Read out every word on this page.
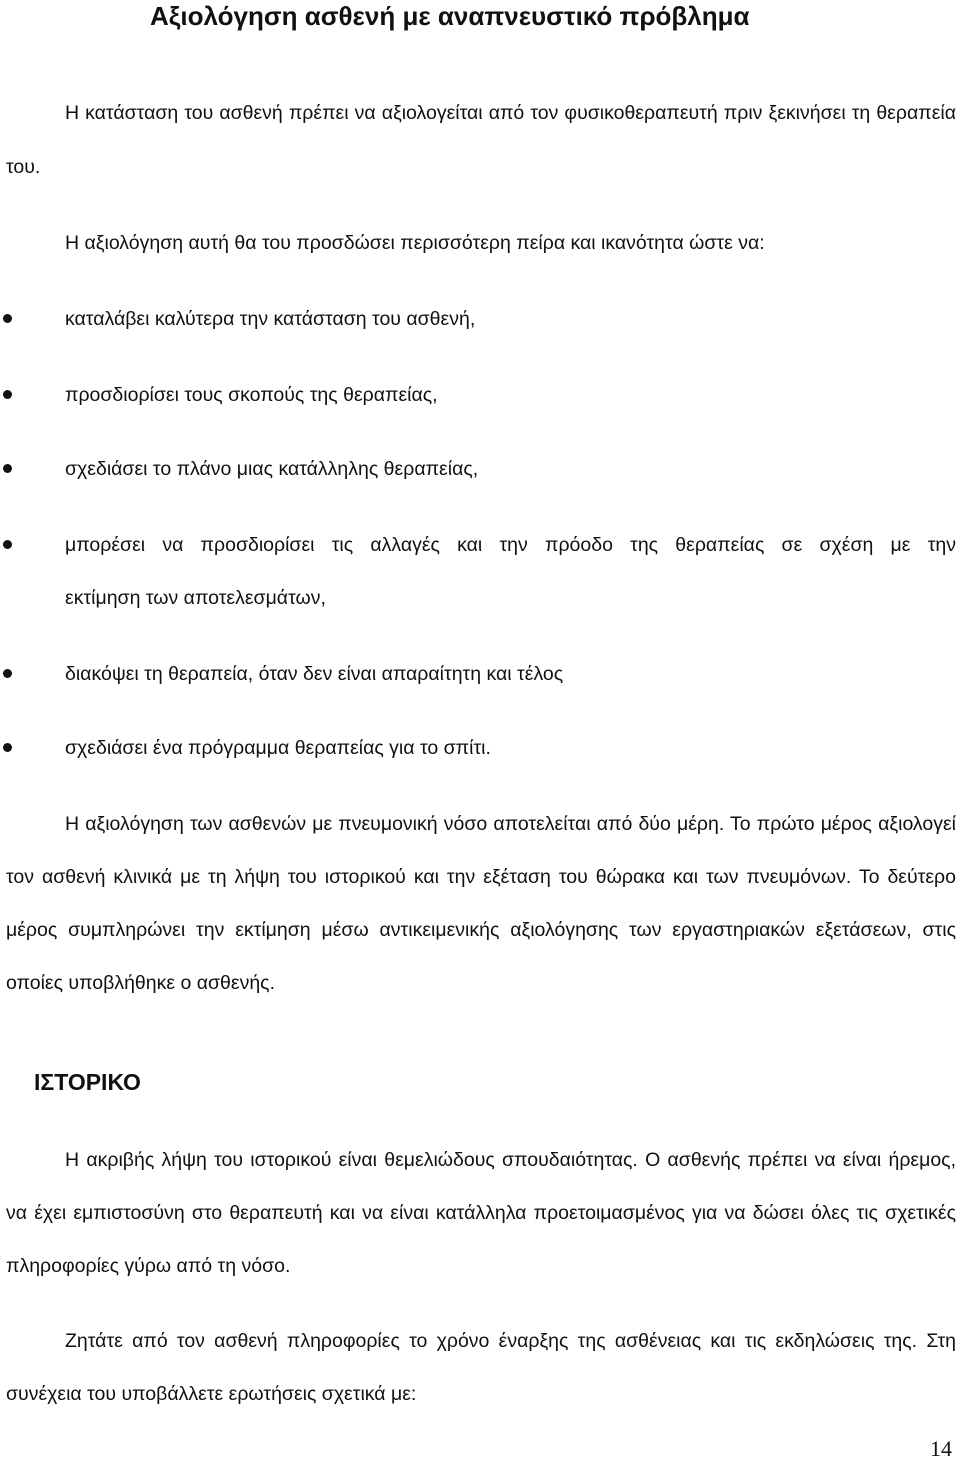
Αξιολόγηση ασθενή με αναπνευστικό πρόβλημα

Η κατάσταση του ασθενή πρέπει να αξιολογείται από τον φυσικοθεραπευτή πριν ξεκινήσει τη θεραπεία του.

Η αξιολόγηση αυτή θα του προσδώσει περισσότερη πείρα και ικανότητα ώστε να:

καταλάβει καλύτερα την κατάσταση του ασθενή,
προσδιορίσει τους σκοπούς της θεραπείας,
σχεδιάσει το πλάνο μιας κατάλληλης θεραπείας,
μπορέσει να προσδιορίσει τις αλλαγές και την πρόοδο της θεραπείας σε σχέση με την
εκτίμηση των αποτελεσμάτων,
διακόψει τη θεραπεία, όταν δεν είναι απαραίτητη και τέλος
σχεδιάσει ένα πρόγραμμα θεραπείας για το σπίτι.

Η αξιολόγηση των ασθενών με πνευμονική νόσο αποτελείται από δύο μέρη. Το πρώτο μέρος αξιολογεί τον ασθενή κλινικά με τη λήψη του ιστορικού και την εξέταση του θώρακα και των πνευμόνων. Το δεύτερο μέρος συμπληρώνει την εκτίμηση μέσω αντικειμενικής αξιολόγησης των εργαστηριακών εξετάσεων, στις οποίες υποβλήθηκε ο ασθενής.

ΙΣΤΟΡΙΚΟ

Η ακριβής λήψη του ιστορικού είναι θεμελιώδους σπουδαιότητας. Ο ασθενής πρέπει να είναι ήρεμος, να έχει εμπιστοσύνη στο θεραπευτή και να είναι κατάλληλα προετοιμασμένος για να δώσει όλες τις σχετικές πληροφορίες γύρω από τη νόσο.

Ζητάτε από τον ασθενή πληροφορίες το χρόνο έναρξης της ασθένειας και τις εκδηλώσεις της. Στη συνέχεια του υποβάλλετε ερωτήσεις σχετικά με:

14
